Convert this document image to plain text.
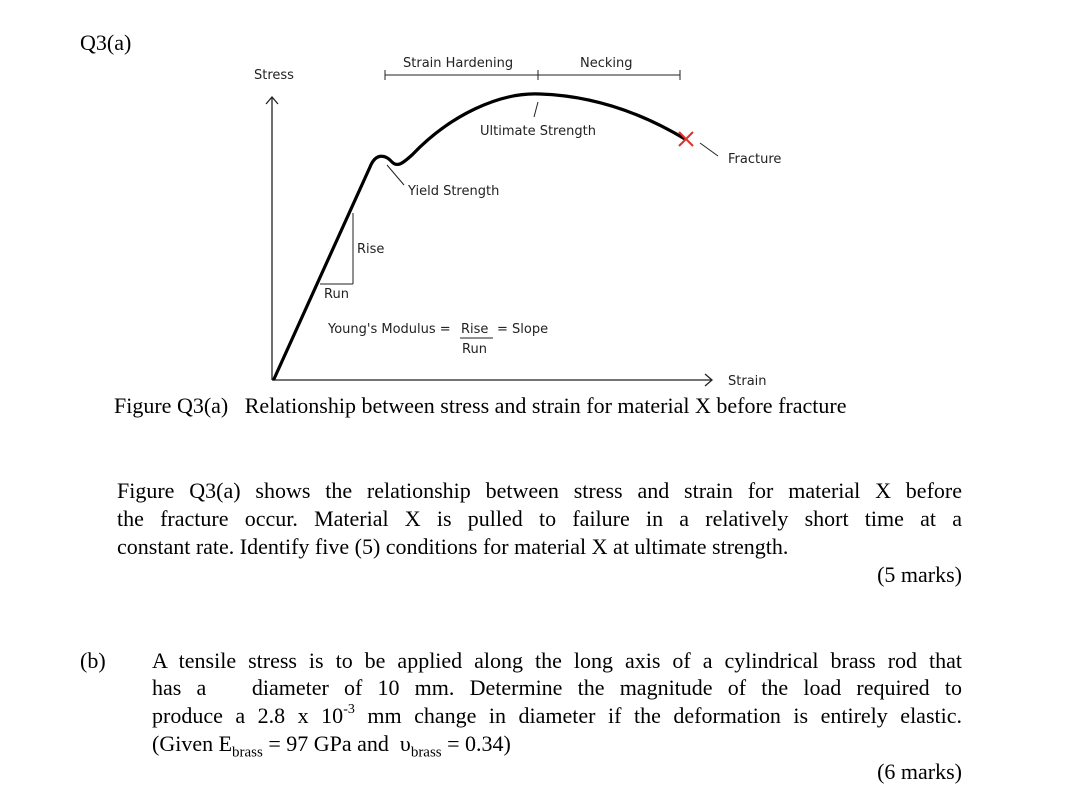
Q3(a)
Stress
Strain
Strain Hardening	Necking
Fracture
Ultimate Strength
Yield Strength
Rise
Run
Young's Modulus = Rise = Slope
Run
Figure Q3(a)   Relationship between stress and strain for material X before fracture
Figure Q3(a) shows the relationship between stress and strain for material X before
the fracture occur. Material X is pulled to failure in a relatively short time at a
constant rate. Identify five (5) conditions for material X at ultimate strength.
(5 marks)
(b) A tensile stress is to be applied along the long axis of a cylindrical brass rod that
has a   diameter of 10 mm. Determine the magnitude of the load required to
produce a 2.8 x $10^{-3}$ mm change in diameter if the deformation is entirely elastic.
(Given $E_{brass} = 97$ GPa and  $\upsilon_{brass} = 0.34$)
(6 marks)
